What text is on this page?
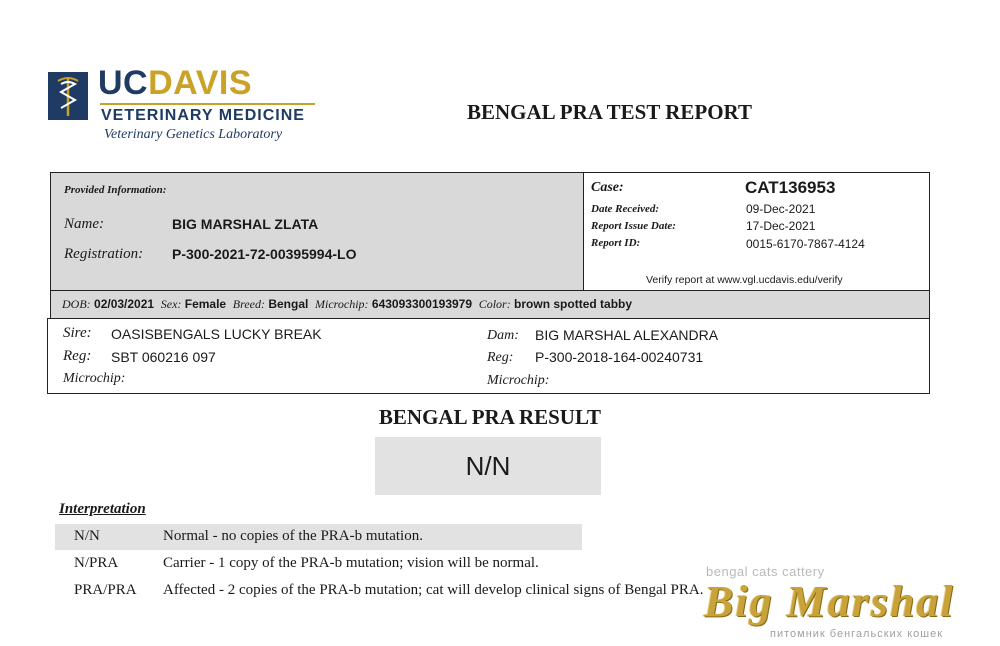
UCDAVIS
VETERINARY MEDICINE
Veterinary Genetics Laboratory
BENGAL PRA TEST REPORT
Provided Information:
Name:	BIG MARSHAL ZLATA
Registration: P-300-2021-72-00395994-LO
Case:	CAT136953
Date Received:	09-Dec-2021
Report Issue Date:	17-Dec-2021
Report ID:	0015-6170-7867-4124
Verify report at www.vgl.ucdavis.edu/verify
DOB: 02/03/2021 Sex: Female Breed: Bengal Microchip: 643093300193979 Color: brown spotted tabby
Sire: OASISBENGALS LUCKY BREAK
Reg: SBT 060216 097
Microchip:
Dam: BIG MARSHAL ALEXANDRA
Reg: P-300-2018-164-00240731
Microchip:
BENGAL PRA RESULT
N/N
Interpretation
N/N	Normal - no copies of the PRA-b mutation.
N/PRA	Carrier - 1 copy of the PRA-b mutation; vision will be normal.
PRA/PRA Affected - 2 copies of the PRA-b mutation; cat will develop clinical signs of Bengal PRA.
bengal cats cattery
Big Marshal
питомник бенгальских кошек
